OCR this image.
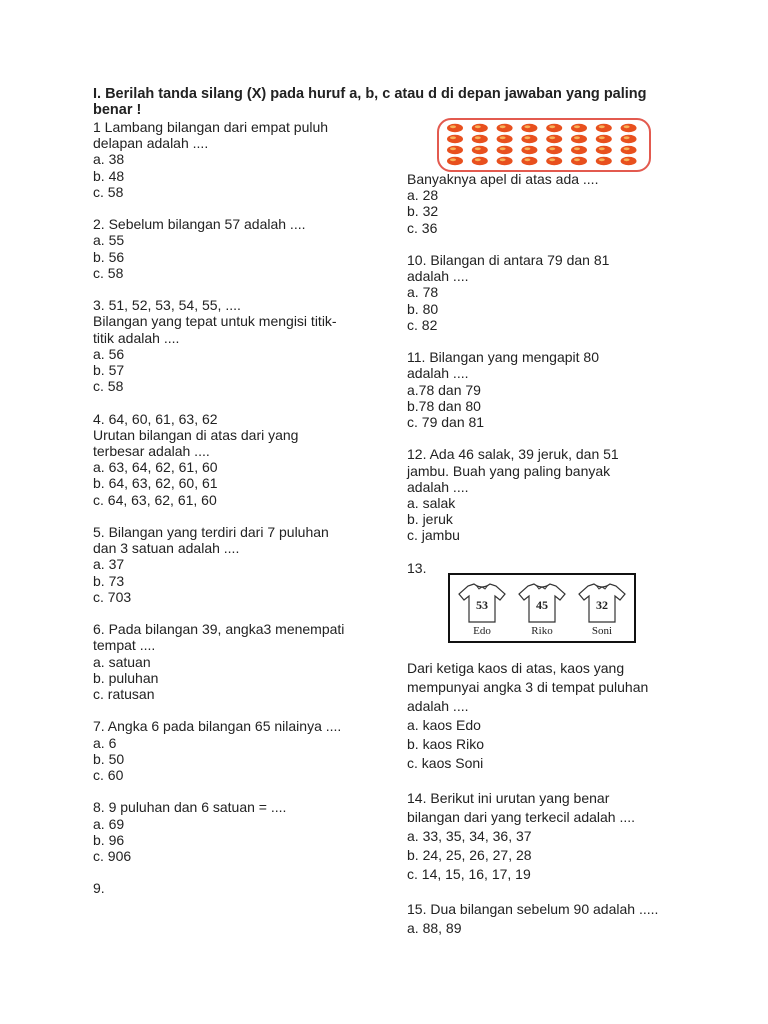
I. Berilah tanda silang (X) pada huruf a, b, c atau d di depan jawaban yang paling benar !
1 Lambang bilangan dari empat puluh
delapan adalah ....
a. 38
b. 48
c. 58
2. Sebelum bilangan 57 adalah ....
a. 55
b. 56
c. 58
3. 51, 52, 53, 54, 55, ....
Bilangan yang tepat untuk mengisi titik-
titik adalah ....
a. 56
b. 57
c. 58
4. 64, 60, 61, 63, 62
Urutan bilangan di atas dari yang
terbesar adalah ....
a. 63, 64, 62, 61, 60
b. 64, 63, 62, 60, 61
c. 64, 63, 62, 61, 60
5. Bilangan yang terdiri dari 7 puluhan
dan 3 satuan adalah ....
a. 37
b. 73
c. 703
6. Pada bilangan 39, angka3 menempati
tempat ....
a. satuan
b. puluhan
c. ratusan
7. Angka 6 pada bilangan 65 nilainya ....
a. 6
b. 50
c. 60
8. 9 puluhan dan 6 satuan = ....
a. 69
b. 96
c. 906
9.
Banyaknya apel di atas ada ....
a. 28
b. 32
c. 36
10. Bilangan di antara 79 dan 81
adalah ....
a. 78
b. 80
c. 82
11. Bilangan yang mengapit 80
adalah ....
a.78 dan 79
b.78 dan 80
c. 79 dan 81
12. Ada 46 salak, 39 jeruk, dan 51
jambu. Buah yang paling banyak
adalah ....
a. salak
b. jeruk
c. jambu
13.
53
Edo
45
Riko
32
Soni
Dari ketiga kaos di atas, kaos yang
mempunyai angka 3 di tempat puluhan
adalah ....
a. kaos Edo
b. kaos Riko
c. kaos Soni
14. Berikut ini urutan yang benar
bilangan dari yang terkecil adalah ....
a. 33, 35, 34, 36, 37
b. 24, 25, 26, 27, 28
c. 14, 15, 16, 17, 19
15. Dua bilangan sebelum 90 adalah .....
a. 88, 89
